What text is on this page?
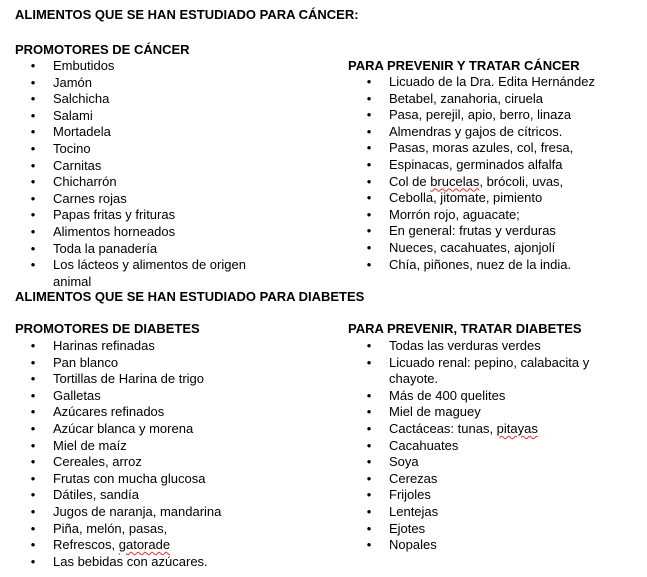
ALIMENTOS QUE SE HAN ESTUDIADO PARA CÁNCER:
PROMOTORES DE CÁNCER
• Embutidos
• Jamón
• Salchicha
• Salami
• Mortadela
• Tocino
• Carnitas
• Chicharrón
• Carnes rojas
• Papas fritas y frituras
• Alimentos horneados
• Toda la panadería
• Los lácteos y alimentos de origen animal
PARA PREVENIR Y TRATAR CÁNCER
• Licuado de la Dra. Edita Hernández
• Betabel, zanahoria, ciruela
• Pasa, perejil, apio, berro, linaza
• Almendras y gajos de cítricos.
• Pasas, moras azules, col, fresa,
• Espinacas, germinados alfalfa
• Col de brucelas, brócoli, uvas,
• Cebolla, jitomate, pimiento
• Morrón rojo, aguacate;
• En general: frutas y verduras
• Nueces, cacahuates, ajonjolí
• Chía, piñones, nuez de la india.
ALIMENTOS QUE SE HAN ESTUDIADO PARA DIABETES
PROMOTORES DE DIABETES
• Harinas refinadas
• Pan blanco
• Tortillas de Harina de trigo
• Galletas
• Azúcares refinados
• Azúcar blanca y morena
• Miel de maíz
• Cereales, arroz
• Frutas con mucha glucosa
• Dátiles, sandía
• Jugos de naranja, mandarina
• Piña, melón, pasas,
• Refrescos, gatorade
• Las bebidas con azúcares.
PARA PREVENIR, TRATAR DIABETES
• Todas las verduras verdes
• Licuado renal: pepino, calabacita y chayote.
• Más de 400 quelites
• Miel de maguey
• Cactáceas: tunas, pitayas
• Cacahuates
• Soya
• Cerezas
• Frijoles
• Lentejas
• Ejotes
• Nopales
